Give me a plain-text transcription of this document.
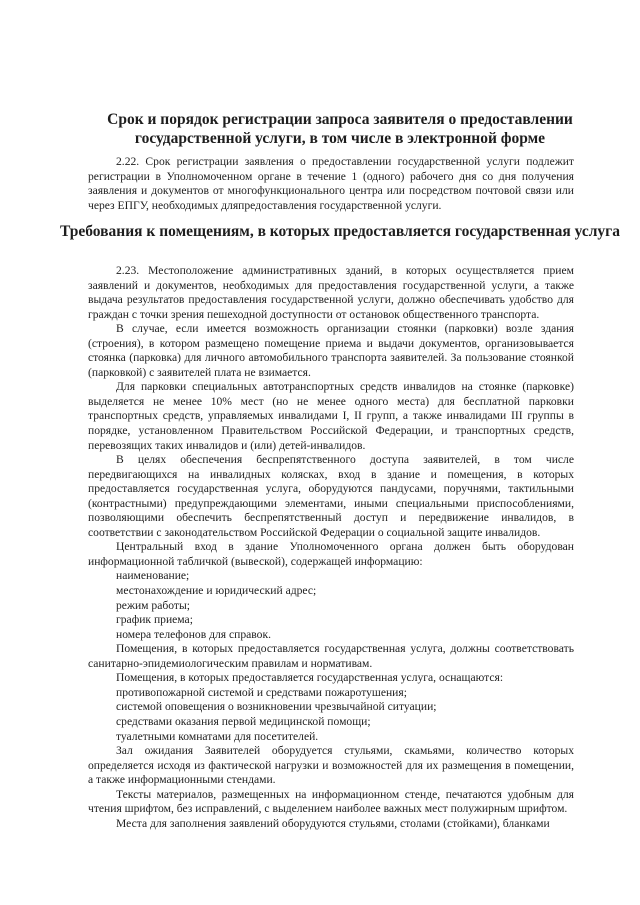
Срок и порядок регистрации запроса заявителя о предоставлении государственной услуги, в том числе в электронной форме

2.22. Срок регистрации заявления о предоставлении государственной услуги подлежит регистрации в Уполномоченном органе в течение 1 (одного) рабочего дня со дня получения заявления и документов от многофункционального центра или посредством почтовой связи или через ЕПГУ, необходимых дляпредоставления государственной услуги.

Требования к помещениям, в которых предоставляется государственная услуга

2.23. Местоположение административных зданий, в которых осуществляется прием заявлений и документов, необходимых для предоставления государственной услуги, а также выдача результатов предоставления государственной услуги, должно обеспечивать удобство для граждан с точки зрения пешеходной доступности от остановок общественного транспорта.

В случае, если имеется возможность организации стоянки (парковки) возле здания (строения), в котором размещено помещение приема и выдачи документов, организовывается стоянка (парковка) для личного автомобильного транспорта заявителей. За пользование стоянкой (парковкой) с заявителей плата не взимается.

Для парковки специальных автотранспортных средств инвалидов на стоянке (парковке) выделяется не менее 10% мест (но не менее одного места) для бесплатной парковки транспортных средств, управляемых инвалидами I, II групп, а также инвалидами III группы в порядке, установленном Правительством Российской Федерации, и транспортных средств, перевозящих таких инвалидов и (или) детей-инвалидов.

В целях обеспечения беспрепятственного доступа заявителей, в том числе передвигающихся на инвалидных колясках, вход в здание и помещения, в которых предоставляется государственная услуга, оборудуются пандусами, поручнями, тактильными (контрастными) предупреждающими элементами, иными специальными приспособлениями, позволяющими обеспечить беспрепятственный доступ и передвижение инвалидов, в соответствии с законодательством Российской Федерации о социальной защите инвалидов.

Центральный вход в здание Уполномоченного органа должен быть оборудован информационной табличкой (вывеской), содержащей информацию:

наименование;

местонахождение и юридический адрес;

режим работы;

график приема;

номера телефонов для справок.

Помещения, в которых предоставляется государственная услуга, должны соответствовать санитарно-эпидемиологическим правилам и нормативам.

Помещения, в которых предоставляется государственная услуга, оснащаются:

противопожарной системой и средствами пожаротушения;

системой оповещения о возникновении чрезвычайной ситуации;

средствами оказания первой медицинской помощи;

туалетными комнатами для посетителей.

Зал ожидания Заявителей оборудуется стульями, скамьями, количество которых определяется исходя из фактической нагрузки и возможностей для их размещения в помещении, а также информационными стендами.

Тексты материалов, размещенных на информационном стенде, печатаются удобным для чтения шрифтом, без исправлений, с выделением наиболее важных мест полужирным шрифтом.

Места для заполнения заявлений оборудуются стульями, столами (стойками), бланками
